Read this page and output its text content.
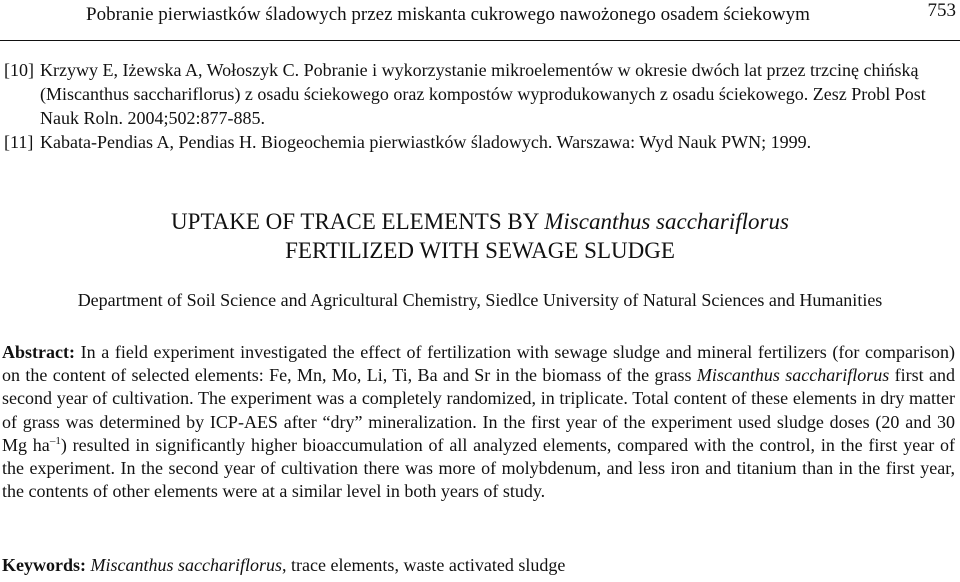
Pobranie pierwiastków śladowych przez miskanta cukrowego nawożonego osadem ściekowym	753
[10] Krzywy E, Iżewska A, Wołoszyk C. Pobranie i wykorzystanie mikroelementów w okresie dwóch lat przez trzcinę chińską (Miscanthus sacchariflorus) z osadu ściekowego oraz kompostów wyprodukowanych z osadu ściekowego. Zesz Probl Post Nauk Roln. 2004;502:877-885.
[11] Kabata-Pendias A, Pendias H. Biogeochemia pierwiastków śladowych. Warszawa: Wyd Nauk PWN; 1999.
UPTAKE OF TRACE ELEMENTS BY Miscanthus sacchariflorus
FERTILIZED WITH SEWAGE SLUDGE
Department of Soil Science and Agricultural Chemistry, Siedlce University of Natural Sciences and Humanities
Abstract: In a field experiment investigated the effect of fertilization with sewage sludge and mineral fertilizers (for comparison) on the content of selected elements: Fe, Mn, Mo, Li, Ti, Ba and Sr in the biomass of the grass Miscanthus sacchariflorus first and second year of cultivation. The experiment was a completely randomized, in triplicate. Total content of these elements in dry matter of grass was determined by ICP-AES after “dry” mineralization. In the first year of the experiment used sludge doses (20 and 30 Mg $ha^{-1}$) resulted in significantly higher bioaccumulation of all analyzed elements, compared with the control, in the first year of the experiment. In the second year of cultivation there was more of molybdenum, and less iron and titanium than in the first year, the contents of other elements were at a similar level in both years of study.
Keywords: Miscanthus sacchariflorus, trace elements, waste activated sludge
